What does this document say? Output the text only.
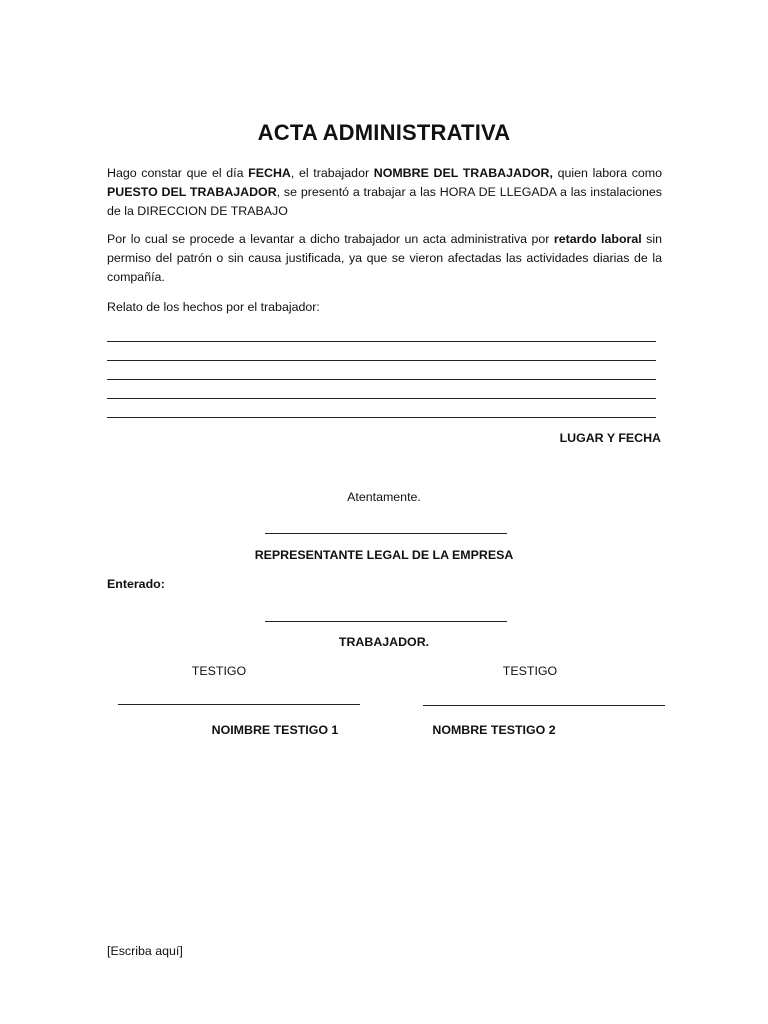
ACTA ADMINISTRATIVA
Hago constar que el día FECHA, el trabajador NOMBRE DEL TRABAJADOR, quien labora como PUESTO DEL TRABAJADOR, se presentó a trabajar a las HORA DE LLEGADA a las instalaciones de la DIRECCION DE TRABAJO
Por lo cual se procede a levantar a dicho trabajador un acta administrativa por retardo laboral sin permiso del patrón o sin causa justificada, ya que se vieron afectadas las actividades diarias de la compañía.
Relato de los hechos por el trabajador:
LUGAR Y FECHA
Atentamente.
REPRESENTANTE LEGAL DE LA EMPRESA
Enterado:
TRABAJADOR.
TESTIGO	TESTIGO
NOIMBRE TESTIGO 1	NOMBRE TESTIGO 2
[Escriba aquí]
